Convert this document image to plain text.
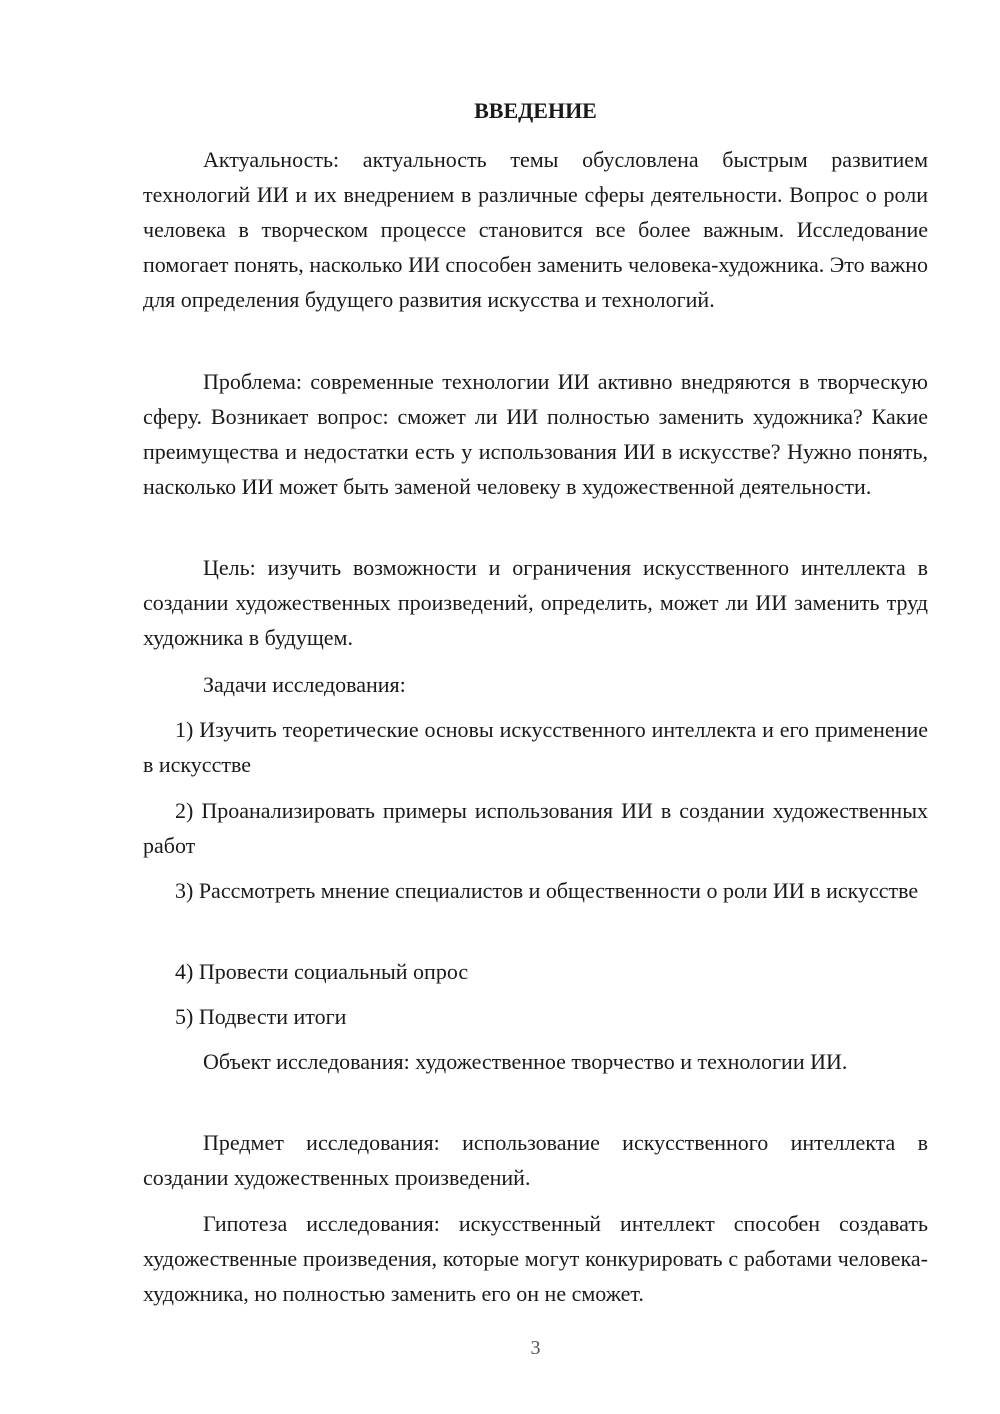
ВВЕДЕНИЕ

Актуальность: актуальность темы обусловлена быстрым развитием технологий ИИ и их внедрением в различные сферы деятельности. Вопрос о роли человека в творческом процессе становится все более важным. Исследование помогает понять, насколько ИИ способен заменить человека-художника. Это важно для определения будущего развития искусства и технологий.

Проблема: современные технологии ИИ активно внедряются в творческую сферу. Возникает вопрос: сможет ли ИИ полностью заменить художника? Какие преимущества и недостатки есть у использования ИИ в искусстве? Нужно понять, насколько ИИ может быть заменой человеку в художественной деятельности.

Цель: изучить возможности и ограничения искусственного интеллекта в создании художественных произведений, определить, может ли ИИ заменить труд художника в будущем.

Задачи исследования:

1) Изучить теоретические основы искусственного интеллекта и его применение в искусстве

2) Проанализировать примеры использования ИИ в создании художественных работ

3) Рассмотреть мнение специалистов и общественности о роли ИИ в искусстве

4) Провести социальный опрос

5) Подвести итоги

Объект исследования: художественное творчество и технологии ИИ.

Предмет исследования: использование искусственного интеллекта в создании художественных произведений.

Гипотеза исследования: искусственный интеллект способен создавать художественные произведения, которые могут конкурировать с работами человека-художника, но полностью заменить его он не сможет.

3
